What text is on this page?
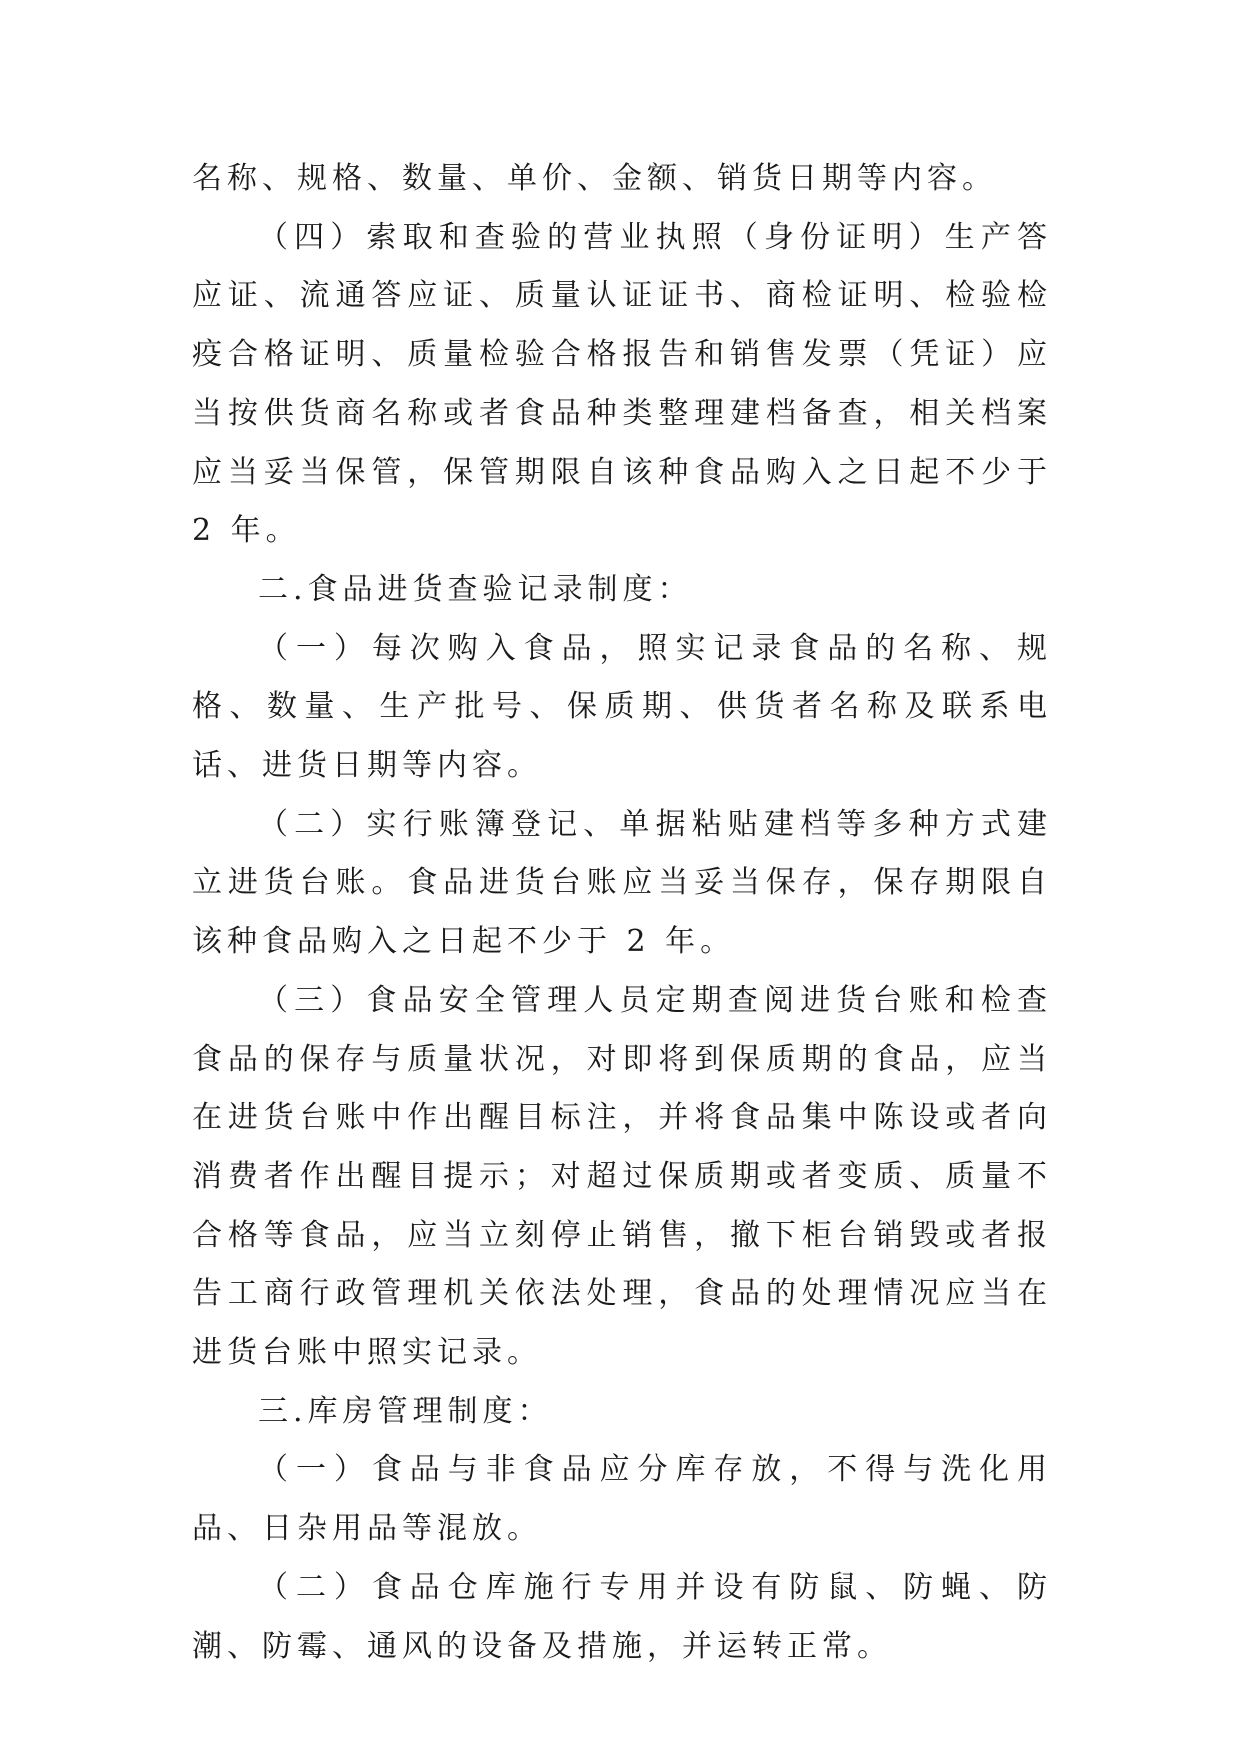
名称、规格、数量、单价、金额、销货日期等内容。

（四）索取和查验的营业执照（身份证明）生产答应证、流通答应证、质量认证证书、商检证明、检验检疫合格证明、质量检验合格报告和销售发票（凭证）应当按供货商名称或者食品种类整理建档备查，相关档案应当妥当保管，保管期限自该种食品购入之日起不少于 2 年。

二.食品进货查验记录制度：

（一）每次购入食品，照实记录食品的名称、规格、数量、生产批号、保质期、供货者名称及联系电话、进货日期等内容。

（二）实行账簿登记、单据粘贴建档等多种方式建立进货台账。食品进货台账应当妥当保存，保存期限自该种食品购入之日起不少于 2 年。

（三）食品安全管理人员定期查阅进货台账和检查食品的保存与质量状况，对即将到保质期的食品，应当在进货台账中作出醒目标注，并将食品集中陈设或者向消费者作出醒目提示；对超过保质期或者变质、质量不合格等食品，应当立刻停止销售，撤下柜台销毁或者报告工商行政管理机关依法处理，食品的处理情况应当在进货台账中照实记录。

三.库房管理制度：

（一）食品与非食品应分库存放，不得与洗化用品、日杂用品等混放。

（二）食品仓库施行专用并设有防鼠、防蝇、防潮、防霉、通风的设备及措施，并运转正常。
